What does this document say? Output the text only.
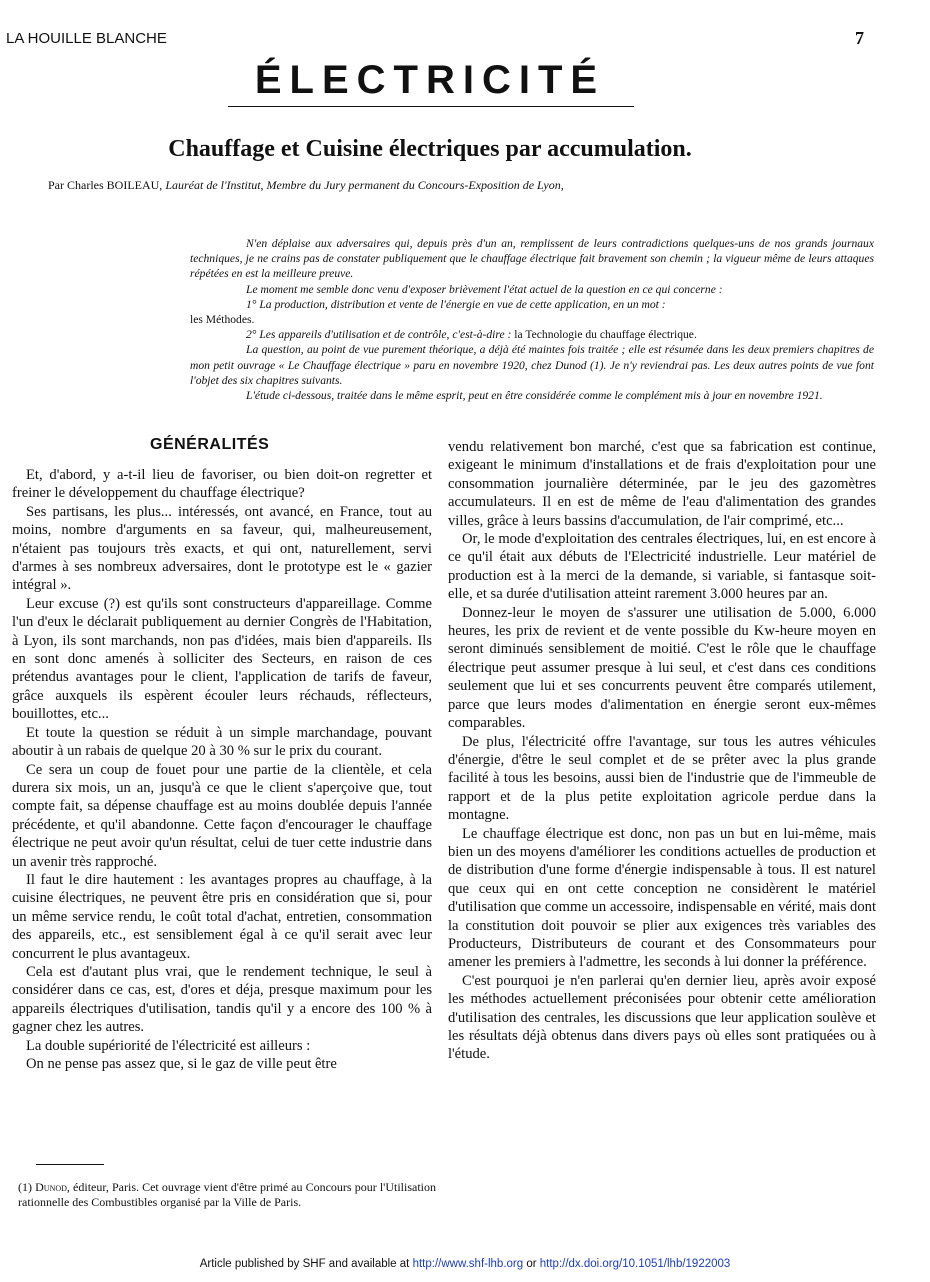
LA HOUILLE BLANCHE	7
ÉLECTRICITÉ
Chauffage et Cuisine électriques par accumulation.
Par Charles BOILEAU, Lauréat de l'Institut, Membre du Jury permanent du Concours-Exposition de Lyon,

N'en déplaise aux adversaires qui, depuis près d'un an, remplissent de leurs contradictions quelques-uns de nos grands journaux techniques, je ne crains pas de constater publiquement que le chauffage électrique fait bravement son chemin ; la vigueur même de leurs attaques répétées en est la meilleure preuve.

Le moment me semble donc venu d'exposer brièvement l'état actuel de la question en ce qui concerne :

1° La production, distribution et vente de l'énergie en vue de cette application, en un mot :

les Méthodes.

2° Les appareils d'utilisation et de contrôle, c'est-à-dire : la Technologie du chauffage électrique.

La question, au point de vue purement théorique, a déjà été maintes fois traitée ; elle est résumée dans les deux premiers chapitres de mon petit ouvrage « Le Chauffage électrique » paru en novembre 1920, chez Dunod (1). Je n'y reviendrai pas. Les deux autres points de vue font l'objet des six chapitres suivants.

L'étude ci-dessous, traitée dans le même esprit, peut en être considérée comme le complément mis à jour en novembre 1921.

GÉNÉRALITÉS

Et, d'abord, y a-t-il lieu de favoriser, ou bien doit-on regretter et freiner le développement du chauffage électrique?

Ses partisans, les plus... intéressés, ont avancé, en France, tout au moins, nombre d'arguments en sa faveur, qui, malheureusement, n'étaient pas toujours très exacts, et qui ont, naturellement, servi d'armes à ses nombreux adversaires, dont le prototype est le « gazier intégral ».

Leur excuse (?) est qu'ils sont constructeurs d'appareillage. Comme l'un d'eux le déclarait publiquement au dernier Congrès de l'Habitation, à Lyon, ils sont marchands, non pas d'idées, mais bien d'appareils. Ils en sont donc amenés à solliciter des Secteurs, en raison de ces prétendus avantages pour le client, l'application de tarifs de faveur, grâce auxquels ils espèrent écouler leurs réchauds, réflecteurs, bouillottes, etc...

Et toute la question se réduit à un simple marchandage, pouvant aboutir à un rabais de quelque 20 à 30 % sur le prix du courant.

Ce sera un coup de fouet pour une partie de la clientèle, et cela durera six mois, un an, jusqu'à ce que le client s'aperçoive que, tout compte fait, sa dépense chauffage est au moins doublée depuis l'année précédente, et qu'il abandonne. Cette façon d'encourager le chauffage électrique ne peut avoir qu'un résultat, celui de tuer cette industrie dans un avenir très rapproché.

Il faut le dire hautement : les avantages propres au chauffage, à la cuisine électriques, ne peuvent être pris en considération que si, pour un même service rendu, le coût total d'achat, entretien, consommation des appareils, etc., est sensiblement égal à ce qu'il serait avec leur concurrent le plus avantageux.

Cela est d'autant plus vrai, que le rendement technique, le seul à considérer dans ce cas, est, d'ores et déja, presque maximum pour les appareils électriques d'utilisation, tandis qu'il y a encore des 100 % à gagner chez les autres.

La double supériorité de l'électricité est ailleurs :

On ne pense pas assez que, si le gaz de ville peut être

vendu relativement bon marché, c'est que sa fabrication est continue, exigeant le minimum d'installations et de frais d'exploitation pour une consommation journalière déterminée, par le jeu des gazomètres accumulateurs. Il en est de même de l'eau d'alimentation des grandes villes, grâce à leurs bassins d'accumulation, de l'air comprimé, etc...

Or, le mode d'exploitation des centrales électriques, lui, en est encore à ce qu'il était aux débuts de l'Electricité industrielle. Leur matériel de production est à la merci de la demande, si variable, si fantasque soit-elle, et sa durée d'utilisation atteint rarement 3.000 heures par an.

Donnez-leur le moyen de s'assurer une utilisation de 5.000, 6.000 heures, les prix de revient et de vente possible du Kw-heure moyen en seront diminués sensiblement de moitié. C'est le rôle que le chauffage électrique peut assumer presque à lui seul, et c'est dans ces conditions seulement que lui et ses concurrents peuvent être comparés utilement, parce que leurs modes d'alimentation en énergie seront eux-mêmes comparables.

De plus, l'électricité offre l'avantage, sur tous les autres véhicules d'énergie, d'être le seul complet et de se prêter avec la plus grande facilité à tous les besoins, aussi bien de l'industrie que de l'immeuble de rapport et de la plus petite exploitation agricole perdue dans la montagne.

Le chauffage électrique est donc, non pas un but en lui-même, mais bien un des moyens d'améliorer les conditions actuelles de production et de distribution d'une forme d'énergie indispensable à tous. Il est naturel que ceux qui en ont cette conception ne considèrent le matériel d'utilisation que comme un accessoire, indispensable en vérité, mais dont la constitution doit pouvoir se plier aux exigences très variables des Producteurs, Distributeurs de courant et des Consommateurs pour amener les premiers à l'admettre, les seconds à lui donner la préférence.

C'est pourquoi je n'en parlerai qu'en dernier lieu, après avoir exposé les méthodes actuellement préconisées pour obtenir cette amélioration d'utilisation des centrales, les discussions que leur application soulève et les résultats déjà obtenus dans divers pays où elles sont pratiquées ou à l'étude.

(1) Dunod, éditeur, Paris. Cet ouvrage vient d'être primé au Concours pour l'Utilisation rationnelle des Combustibles organisé par la Ville de Paris.
Article published by SHF and available at http://www.shf-lhb.org or http://dx.doi.org/10.1051/lhb/1922003
